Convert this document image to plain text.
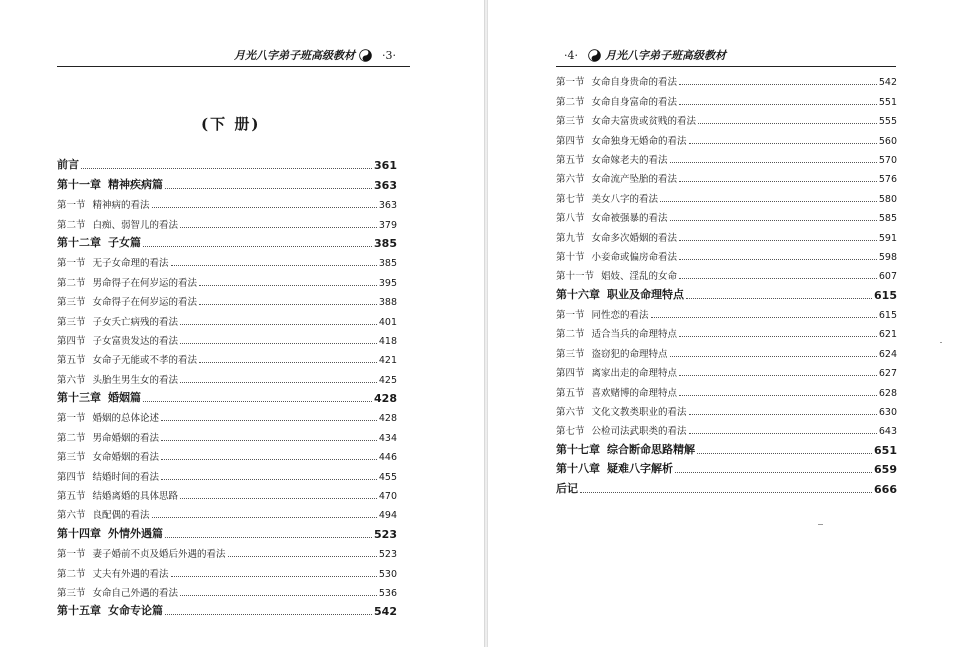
月光八字弟子班高级教材 ·3·
(下 册)
前言	361
第十一章 精神疾病篇	363
第一节 精神病的看法	363
第二节 白痴、弱智儿的看法	379
第十二章 子女篇	385
第一节 无子女命理的看法	385
第二节 男命得子在何岁运的看法	395
第三节 女命得子在何岁运的看法	388
第三节 子女夭亡病残的看法	401
第四节 子女富贵发达的看法	418
第五节 女命子无能或不孝的看法	421
第六节 头胎生男生女的看法	425
第十三章 婚姻篇	428
第一节 婚姻的总体论述	428
第二节 男命婚姻的看法	434
第三节 女命婚姻的看法	446
第四节 结婚时间的看法	455
第五节 结婚离婚的具体思路	470
第六节 良配偶的看法	494
第十四章 外情外遇篇	523
第一节 妻子婚前不贞及婚后外遇的看法	523
第二节 丈夫有外遇的看法	530
第三节 女命自己外遇的看法	536
第十五章 女命专论篇	542
·4· 月光八字弟子班高级教材
第一节 女命自身贵命的看法	542
第二节 女命自身富命的看法	551
第三节 女命夫富贵或贫贱的看法	555
第四节 女命独身无婚命的看法	560
第五节 女命嫁老夫的看法	570
第六节 女命流产坠胎的看法	576
第七节 美女八字的看法	580
第八节 女命被强暴的看法	585
第九节 女命多次婚姻的看法	591
第十节 小妾命或偏房命看法	598
第十一节 娼妓、淫乱的女命	607
第十六章 职业及命理特点	615
第一节 同性恋的看法	615
第二节 适合当兵的命理特点	621
第三节 盗窃犯的命理特点	624
第四节 离家出走的命理特点	627
第五节 喜欢赌博的命理特点	628
第六节 文化文教类职业的看法	630
第七节 公检司法武职类的看法	643
第十七章 综合断命思路精解	651
第十八章 疑难八字解析	659
后记	666
